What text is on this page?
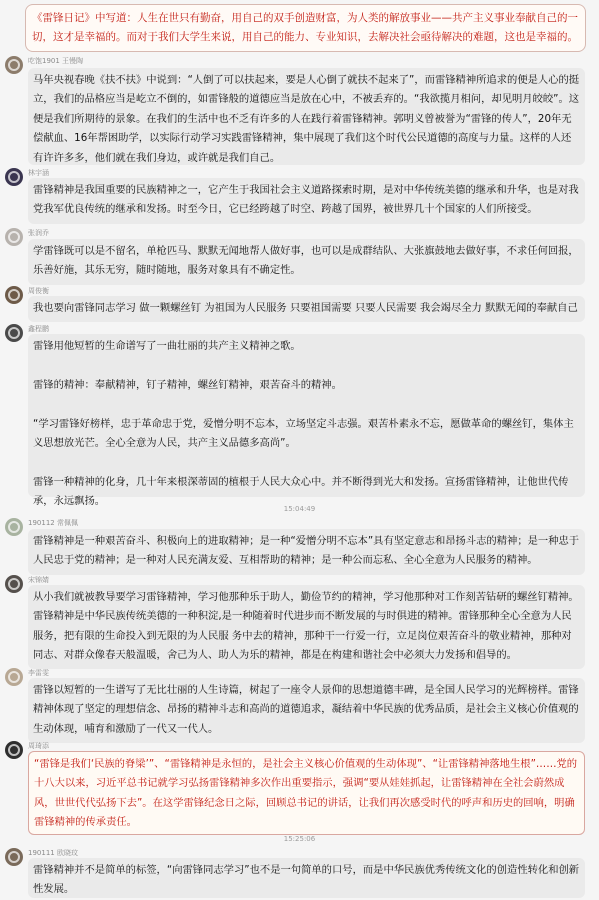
《雷锋日记》中写道：人生在世只有勤奋，用自己的双手创造财富，为人类的解放事业——共产主义事业奉献自己的一切，这才是幸福的。而对于我们大学生来说，用自己的能力、专业知识，去解决社会亟待解决的难题，这也是幸福的。
吃饱1901 王慢陶
马年央视春晚《扶不扶》中说到：“人倒了可以扶起来，要是人心倒了就扶不起来了”，而雷锋精神所追求的便是人心的挺立，我们的品格应当是屹立不倒的，如雷锋般的道德应当是放在心中，不被丢弃的。“我欲揽月相问，却见明月皎皎”。这便是我们所期待的景象。在我们的生活中也不乏有许多的人在践行着雷锋精神。郭明义曾被誉为“雷锋的传人”，20年无偿献血、16年帮困助学，以实际行动学习实践雷锋精神，集中展现了我们这个时代公民道德的高度与力量。这样的人还有许许多多，他们就在我们身边，或许就是我们自己。
林宇涵
雷锋精神是我国重要的民族精神之一，它产生于我国社会主义道路探索时期，是对中华传统美德的继承和升华，也是对我党我军优良传统的继承和发扬。时至今日，它已经跨越了时空、跨越了国界，被世界几十个国家的人们所接受。
张润乔
学雷锋既可以是不留名，单枪匹马、默默无闻地帮人做好事，也可以是成群结队、大张旗鼓地去做好事，不求任何回报，乐善好施，其乐无穷，随时随地，服务对象具有不确定性。
周俊衡
我也要向雷锋同志学习 做一颗螺丝钉 为祖国为人民服务 只要祖国需要 只要人民需要 我会竭尽全力 默默无闻的奉献自己
鑫程鹏
雷锋用他短暂的生命谱写了一曲壮丽的共产主义精神之歌。

雷锋的精神：奉献精神，钉子精神，螺丝钉精神，艰苦奋斗的精神。

“学习雷锋好榜样，忠于革命忠于党，爱憎分明不忘本，立场坚定斗志强。艰苦朴素永不忘，愿做革命的螺丝钉，集体主义思想放光芒。全心全意为人民，共产主义品德多高尚”。

雷锋一种精神的化身，几十年来根深蒂固的植根于人民大众心中。并不断得到光大和发扬。宣扬雷锋精神，让他世代传承，永远飘扬。
15:04:49
190112 常佩佩
雷锋精神是一种艰苦奋斗、积极向上的进取精神；是一种“爱憎分明不忘本”具有坚定意志和昂扬斗志的精神；是一种忠于人民忠于党的精神；是一种对人民充满友爱、互相帮助的精神；是一种公而忘私、全心全意为人民服务的精神。
宋锦婧
从小我们就被教导要学习雷锋精神，学习他那种乐于助人，勤俭节约的精神，学习他那种对工作刻苦钻研的螺丝钉精神。雷锋精神是中华民族传统美德的一种积淀,是一种随着时代进步而不断发展的与时俱进的精神。雷锋那种全心全意为人民服务，把有限的生命投入到无限的为人民服 务中去的精神，那种干一行爱一行，立足岗位艰苦奋斗的敬业精神，那种对同志、对群众像春天般温暖，舍己为人、助人为乐的精神，都是在构建和谐社会中必须大力发扬和倡导的。
李雷雯
雷锋以短暂的一生谱写了无比壮丽的人生诗篇，树起了一座令人景仰的思想道德丰碑，是全国人民学习的光辉榜样。雷锋精神体现了坚定的理想信念、昂扬的精神斗志和高尚的道德追求，凝结着中华民族的优秀品质，是社会主义核心价值观的生动体现，哺育和激励了一代又一代人。
周琦添
“雷锋是我们‘民族的脊梁’”、“雷锋精神是永恒的，是社会主义核心价值观的生动体现”、“让雷锋精神落地生根”……党的十八大以来，习近平总书记就学习弘扬雷锋精神多次作出重要指示，强调“要从娃娃抓起，让雷锋精神在全社会蔚然成风，世世代代弘扬下去”。在这学雷锋纪念日之际，回顾总书记的讲话，让我们再次感受时代的呼声和历史的回响，明确雷锋精神的传承责任。
15:25:06
190111 欧晓玟
雷锋精神并不是简单的标签，“向雷锋同志学习”也不是一句简单的口号，而是中华民族优秀传统文化的创造性转化和创新性发展。
